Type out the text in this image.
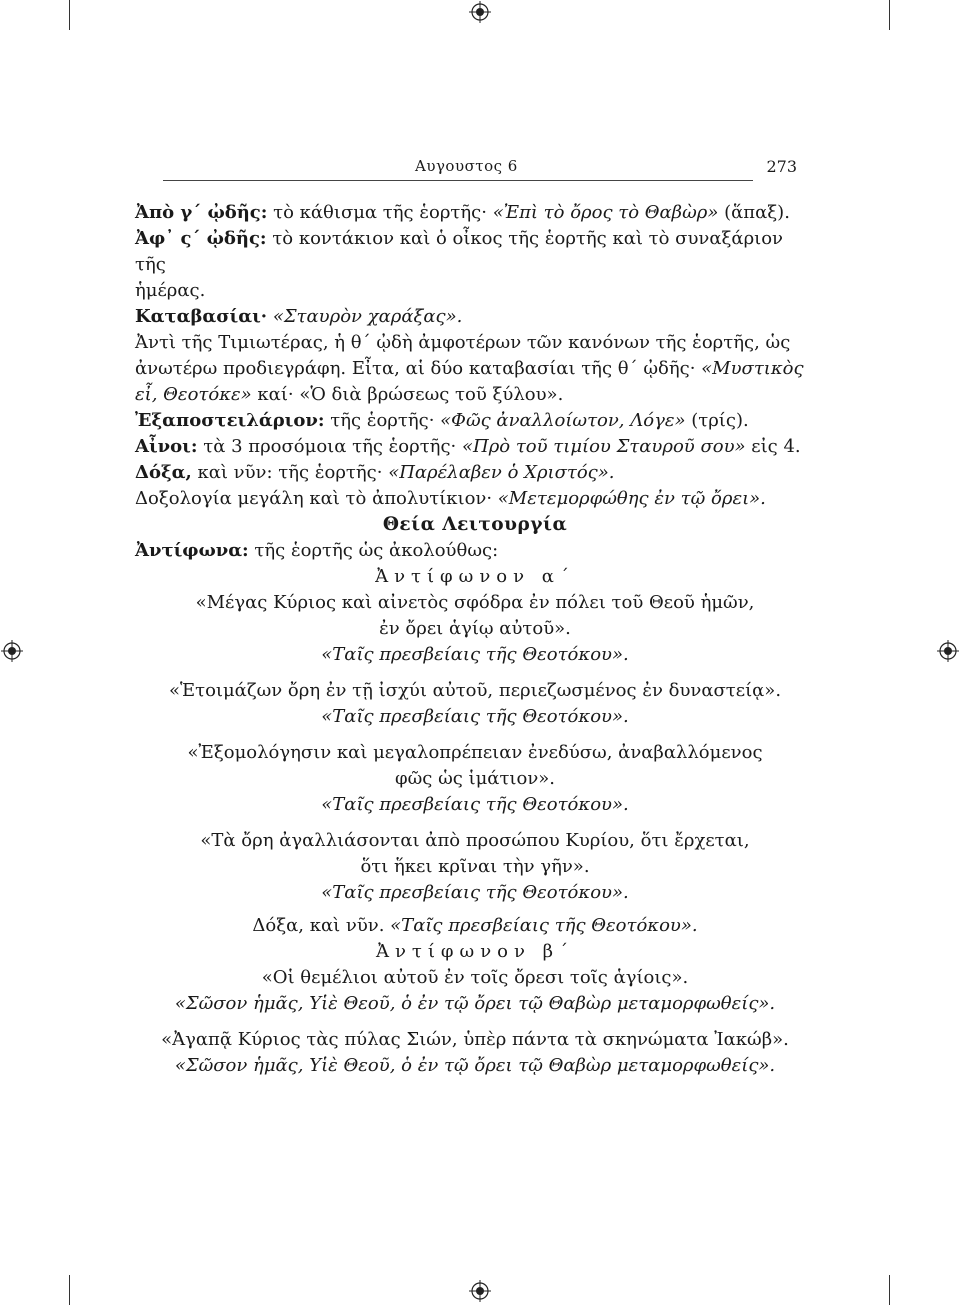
Αυγουστος 6	273

Ἀπὸ γ΄ ᾠδῆς: τὸ κάθισμα τῆς ἑορτῆς· «Ἐπὶ τὸ ὄρος τὸ Θαβὼρ» (ἅπαξ).

Ἀφ᾽ ς΄ ᾠδῆς: τὸ κοντάκιον καὶ ὁ οἶκος τῆς ἑορτῆς καὶ τὸ συναξάριον τῆς

ἡμέρας.

Καταβασίαι· «Σταυρὸν χαράξας».

Ἀντὶ τῆς Τιμιωτέρας, ἡ θ΄ ᾠδὴ ἀμφοτέρων τῶν κανόνων τῆς ἑορτῆς, ὡς

ἀνωτέρω προδιεγράφη. Εἶτα, αἱ δύο καταβασίαι τῆς θ΄ ᾠδῆς· «Μυστικὸς

εἶ, Θεοτόκε» καί· «Ὁ διὰ βρώσεως τοῦ ξύλου».

Ἐξαποστειλάριον: τῆς ἑορτῆς· «Φῶς ἀναλλοίωτον, Λόγε» (τρίς).

Αἶνοι: τὰ 3 προσόμοια τῆς ἑορτῆς· «Πρὸ τοῦ τιμίου Σταυροῦ σου» εἰς 4.

Δόξα, καὶ νῦν: τῆς ἑορτῆς· «Παρέλαβεν ὁ Χριστός».

Δοξολογία μεγάλη καὶ τὸ ἀπολυτίκιον· «Μετεμορφώθης ἐν τῷ ὄρει».

Θεία Λειτουργία

Ἀντίφωνα: τῆς ἑορτῆς ὡς ἀκολούθως:

Ἀντίφωνον α΄

«Μέγας Κύριος καὶ αἰνετὸς σφόδρα ἐν πόλει τοῦ Θεοῦ ἡμῶν,

ἐν ὄρει ἁγίῳ αὐτοῦ».

«Ταῖς πρεσβείαις τῆς Θεοτόκου».

«Ἑτοιμάζων ὄρη ἐν τῇ ἰσχύι αὐτοῦ, περιεζωσμένος ἐν δυναστείᾳ».

«Ταῖς πρεσβείαις τῆς Θεοτόκου».

«Ἐξομολόγησιν καὶ μεγαλοπρέπειαν ἐνεδύσω, ἀναβαλλόμενος

φῶς ὡς ἱμάτιον».

«Ταῖς πρεσβείαις τῆς Θεοτόκου».

«Τὰ ὄρη ἀγαλλιάσονται ἀπὸ προσώπου Κυρίου, ὅτι ἔρχεται,

ὅτι ἥκει κρῖναι τὴν γῆν».

«Ταῖς πρεσβείαις τῆς Θεοτόκου».

Δόξα, καὶ νῦν. «Ταῖς πρεσβείαις τῆς Θεοτόκου».

Ἀντίφωνον β΄

«Οἱ θεμέλιοι αὐτοῦ ἐν τοῖς ὄρεσι τοῖς ἁγίοις».

«Σῶσον ἡμᾶς, Υἱὲ Θεοῦ, ὁ ἐν τῷ ὄρει τῷ Θαβὼρ μεταμορφωθείς».

«Ἀγαπᾷ Κύριος τὰς πύλας Σιών, ὑπὲρ πάντα τὰ σκηνώματα Ἰακώβ».

«Σῶσον ἡμᾶς, Υἱὲ Θεοῦ, ὁ ἐν τῷ ὄρει τῷ Θαβὼρ μεταμορφωθείς».
